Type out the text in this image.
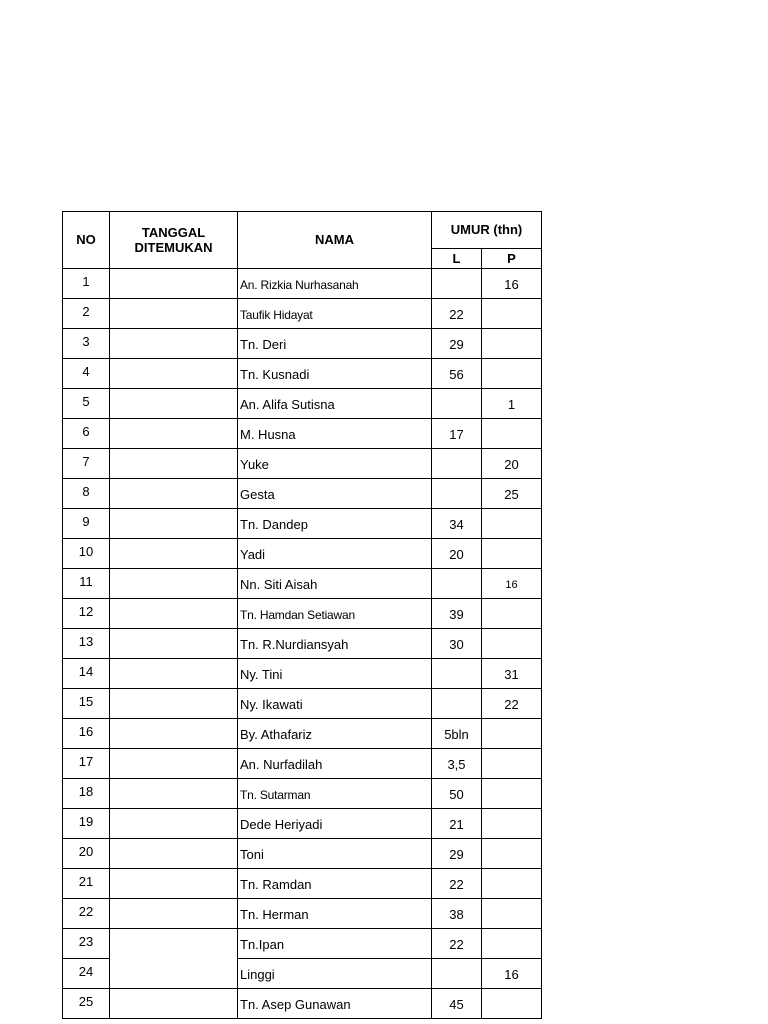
NO	TANGGAL DITEMUKAN	NAMA	UMUR (thn)	
			L	P
1		An. Rizkia Nurhasanah		16
2		Taufik Hidayat	22	
3		Tn. Deri	29	
4		Tn. Kusnadi	56	
5		An. Alifa Sutisna		1
6		M. Husna	17	
7		Yuke		20
8		Gesta		25
9		Tn. Dandep	34	
10		Yadi	20	
11		Nn. Siti Aisah		16
12		Tn. Hamdan Setiawan	39	
13		Tn. R.Nurdiansyah	30	
14		Ny. Tini		31
15		Ny. Ikawati		22
16		By. Athafariz	5bln	
17		An. Nurfadilah	3,5	
18		Tn. Sutarman	50	
19		Dede Heriyadi	21	
20		Toni	29	
21		Tn. Ramdan	22	
22		Tn. Herman	38	
23		Tn.Ipan	22	
24		Linggi		16
25		Tn. Asep Gunawan	45	
